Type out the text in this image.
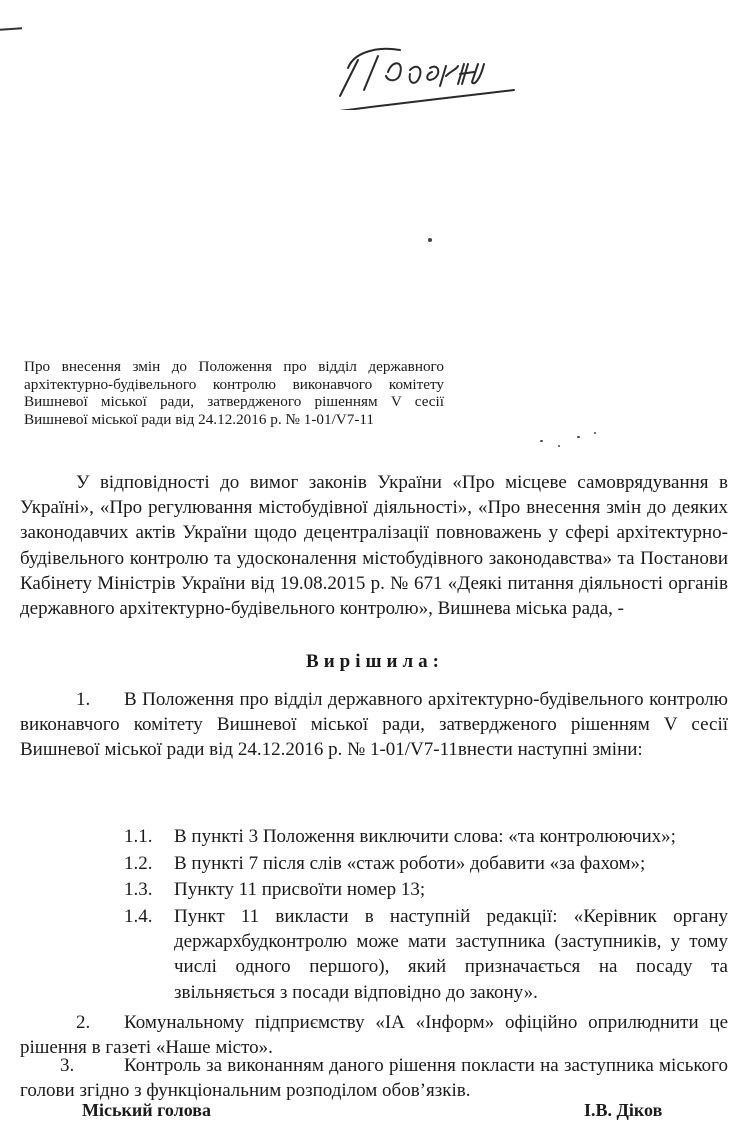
Про внесення змін до Положення про відділ державного архітектурно-будівельного контролю виконавчого комітету Вишневої міської ради, затвердженого рішенням V сесії Вишневої міської ради від 24.12.2016 р. № 1-01/V7-11
У відповідності до вимог законів України «Про місцеве самоврядування в Україні», «Про регулювання містобудівної діяльності», «Про внесення змін до деяких законодавчих актів України щодо децентралізації повноважень у сфері архітектурно-будівельного контролю та удосконалення містобудівного законодавства» та Постанови Кабінету Міністрів України від 19.08.2015 р. № 671 «Деякі питання діяльності органів державного архітектурно-будівельного контролю», Вишнева міська рада, -
Вирішила:
1.	В Положення про відділ державного архітектурно-будівельного контролю виконавчого комітету Вишневої міської ради, затвердженого рішенням V сесії Вишневої міської ради від 24.12.2016 р. № 1-01/V7-11внести наступні зміни:
1.1. В пункті 3 Положення виключити слова: «та контролюючих»;
1.2. В пункті 7 після слів «стаж роботи» добавити «за фахом»;
1.3. Пункту 11 присвоїти номер 13;
1.4. Пункт 11 викласти в наступній редакції: «Керівник органу держархбудконтролю може мати заступника (заступників, у тому числі одного першого), який призначається на посаду та звільняється з посади відповідно до закону».
2.	Комунальному підприємству «ІА «Інформ» офіційно оприлюднити це рішення в газеті «Наше місто».
3.	Контроль за виконанням даного рішення покласти на заступника міського голови згідно з функціональним розподілом обов’язків.
Міський голова	І.В. Діков
